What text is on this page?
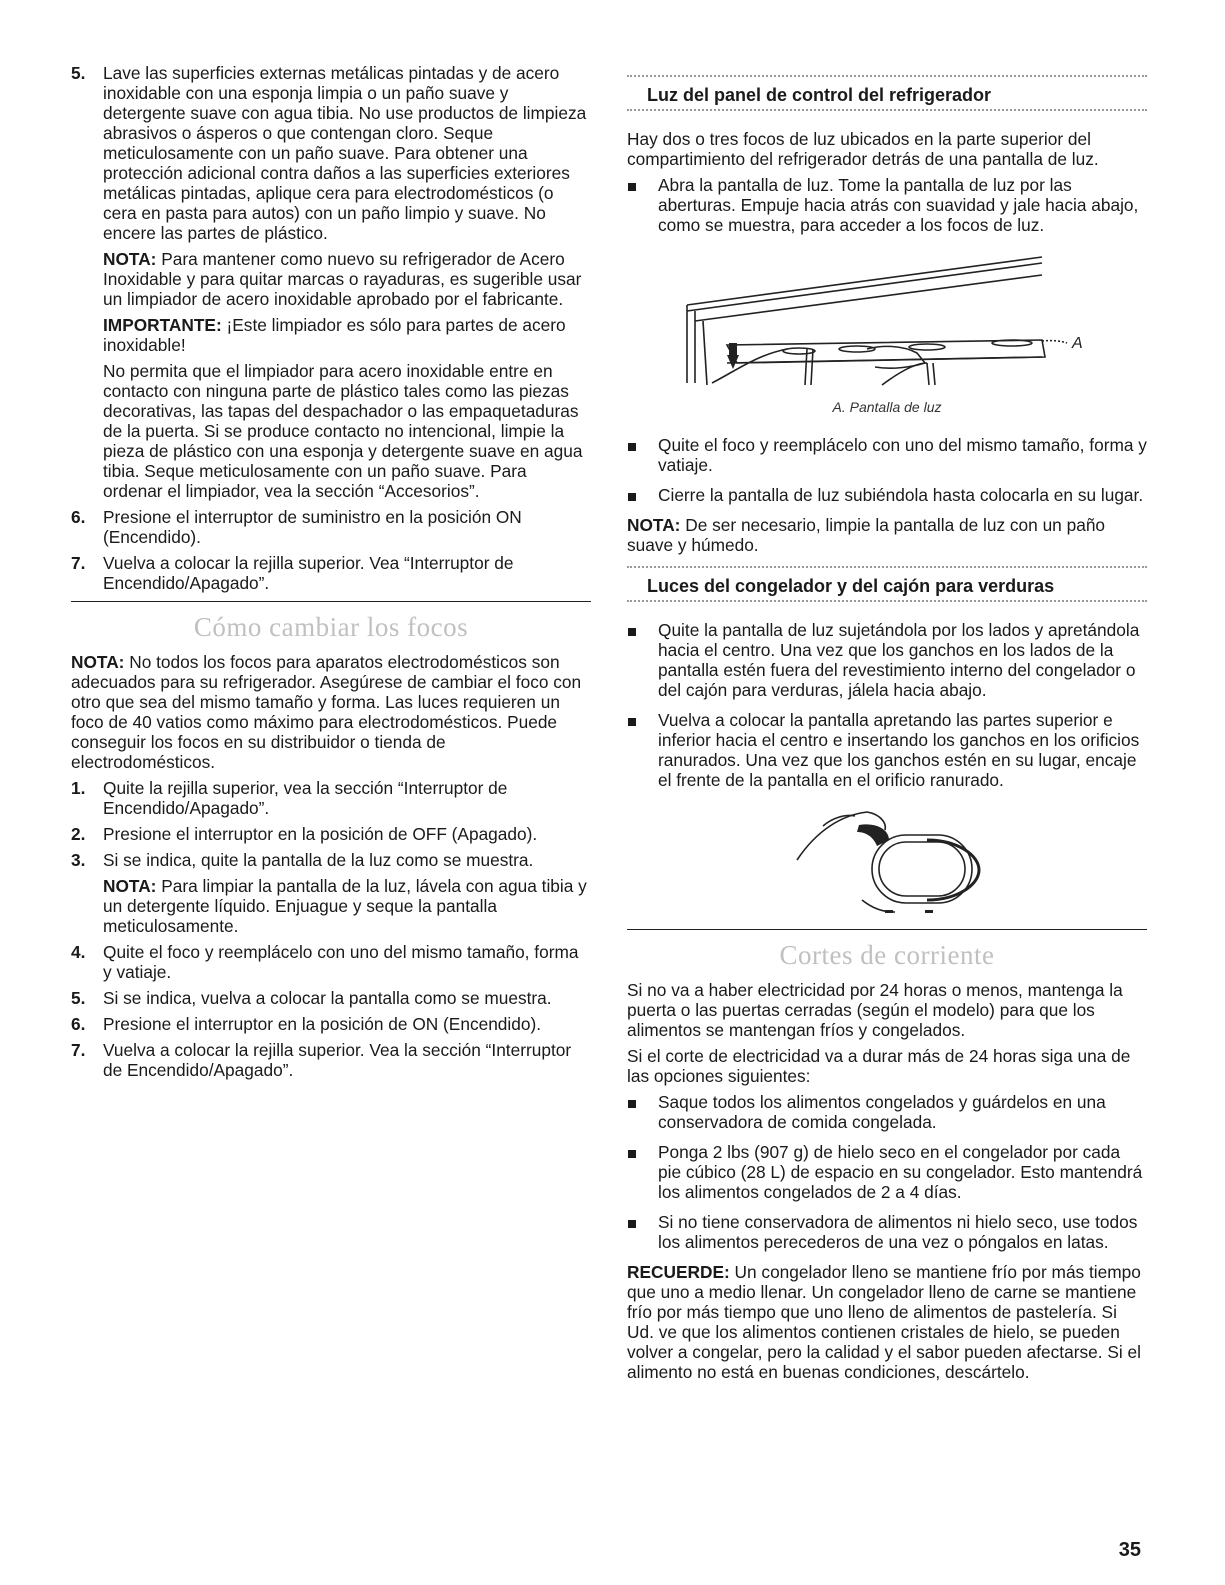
5.	Lave las superficies externas metálicas pintadas y de acero inoxidable con una esponja limpia o un paño suave y detergente suave con agua tibia. No use productos de limpieza abrasivos o ásperos o que contengan cloro. Seque meticulosamente con un paño suave. Para obtener una protección adicional contra daños a las superficies exteriores metálicas pintadas, aplique cera para electrodomésticos (o cera en pasta para autos) con un paño limpio y suave. No encere las partes de plástico.

NOTA: Para mantener como nuevo su refrigerador de Acero Inoxidable y para quitar marcas o rayaduras, es sugerible usar un limpiador de acero inoxidable aprobado por el fabricante.

IMPORTANTE: ¡Este limpiador es sólo para partes de acero inoxidable!

No permita que el limpiador para acero inoxidable entre en contacto con ninguna parte de plástico tales como las piezas decorativas, las tapas del despachador o las empaquetaduras de la puerta. Si se produce contacto no intencional, limpie la pieza de plástico con una esponja y detergente suave en agua tibia. Seque meticulosamente con un paño suave. Para ordenar el limpiador, vea la sección “Accesorios”.

6.	Presione el interruptor de suministro en la posición ON (Encendido).
7.	Vuelva a colocar la rejilla superior. Vea “Interruptor de Encendido/Apagado”.
Cómo cambiar los focos

NOTA: No todos los focos para aparatos electrodomésticos son adecuados para su refrigerador. Asegúrese de cambiar el foco con otro que sea del mismo tamaño y forma. Las luces requieren un foco de 40 vatios como máximo para electrodomésticos. Puede conseguir los focos en su distribuidor o tienda de electrodomésticos.

1.	Quite la rejilla superior, vea la sección “Interruptor de Encendido/Apagado”.
2.	Presione el interruptor en la posición de OFF (Apagado).
3.	Si se indica, quite la pantalla de la luz como se muestra.

NOTA: Para limpiar la pantalla de la luz, lávela con agua tibia y un detergente líquido. Enjuague y seque la pantalla meticulosamente.

4.	Quite el foco y reemplácelo con uno del mismo tamaño, forma y vatiaje.
5.	Si se indica, vuelva a colocar la pantalla como se muestra.
6.	Presione el interruptor en la posición de ON (Encendido).
7.	Vuelva a colocar la rejilla superior. Vea la sección “Interruptor de Encendido/Apagado”.
Luz del panel de control del refrigerador

Hay dos o tres focos de luz ubicados en la parte superior del compartimiento del refrigerador detrás de una pantalla de luz.

Abra la pantalla de luz. Tome la pantalla de luz por las aberturas. Empuje hacia atrás con suavidad y jale hacia abajo, como se muestra, para acceder a los focos de luz.
A
A. Pantalla de luz
Quite el foco y reemplácelo con uno del mismo tamaño, forma y vatiaje.
Cierre la pantalla de luz subiéndola hasta colocarla en su lugar.

NOTA: De ser necesario, limpie la pantalla de luz con un paño suave y húmedo.

Luces del congelador y del cajón para verduras
Quite la pantalla de luz sujetándola por los lados y apretándola hacia el centro. Una vez que los ganchos en los lados de la pantalla estén fuera del revestimiento interno del congelador o del cajón para verduras, jálela hacia abajo.
Vuelva a colocar la pantalla apretando las partes superior e inferior hacia el centro e insertando los ganchos en los orificios ranurados. Una vez que los ganchos estén en su lugar, encaje el frente de la pantalla en el orificio ranurado.
Cortes de corriente

Si no va a haber electricidad por 24 horas o menos, mantenga la puerta o las puertas cerradas (según el modelo) para que los alimentos se mantengan fríos y congelados.

Si el corte de electricidad va a durar más de 24 horas siga una de las opciones siguientes:

Saque todos los alimentos congelados y guárdelos en una conservadora de comida congelada.
Ponga 2 lbs (907 g) de hielo seco en el congelador por cada pie cúbico (28 L) de espacio en su congelador. Esto mantendrá los alimentos congelados de 2 a 4 días.
Si no tiene conservadora de alimentos ni hielo seco, use todos los alimentos perecederos de una vez o póngalos en latas.

RECUERDE: Un congelador lleno se mantiene frío por más tiempo que uno a medio llenar. Un congelador lleno de carne se mantiene frío por más tiempo que uno lleno de alimentos de pastelería. Si Ud. ve que los alimentos contienen cristales de hielo, se pueden volver a congelar, pero la calidad y el sabor pueden afectarse. Si el alimento no está en buenas condiciones, descártelo.

35
